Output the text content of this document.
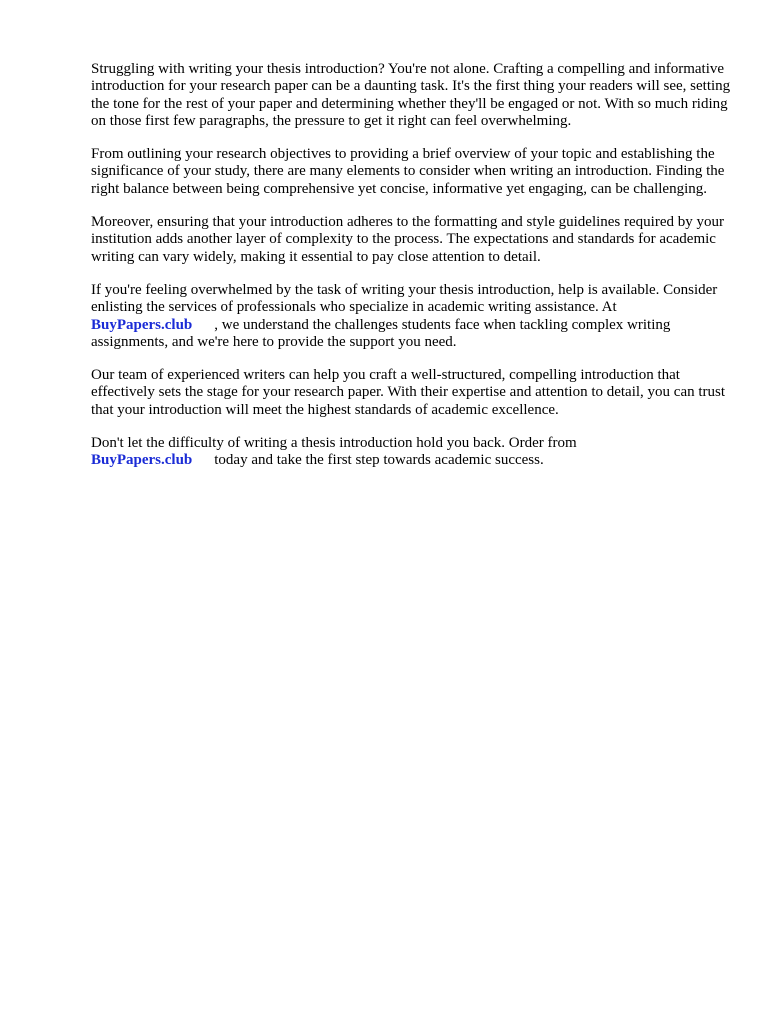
Struggling with writing your thesis introduction? You're not alone. Crafting a compelling and informative introduction for your research paper can be a daunting task. It's the first thing your readers will see, setting the tone for the rest of your paper and determining whether they'll be engaged or not. With so much riding on those first few paragraphs, the pressure to get it right can feel overwhelming.

From outlining your research objectives to providing a brief overview of your topic and establishing the significance of your study, there are many elements to consider when writing an introduction. Finding the right balance between being comprehensive yet concise, informative yet engaging, can be challenging.

Moreover, ensuring that your introduction adheres to the formatting and style guidelines required by your institution adds another layer of complexity to the process. The expectations and standards for academic writing can vary widely, making it essential to pay close attention to detail.

If you're feeling overwhelmed by the task of writing your thesis introduction, help is available. Consider enlisting the services of professionals who specialize in academic writing assistance. At
BuyPapers.club , we understand the challenges students face when tackling complex writing assignments, and we're here to provide the support you need.

Our team of experienced writers can help you craft a well-structured, compelling introduction that effectively sets the stage for your research paper. With their expertise and attention to detail, you can trust that your introduction will meet the highest standards of academic excellence.

Don't let the difficulty of writing a thesis introduction hold you back. Order from
BuyPapers.club today and take the first step towards academic success.
